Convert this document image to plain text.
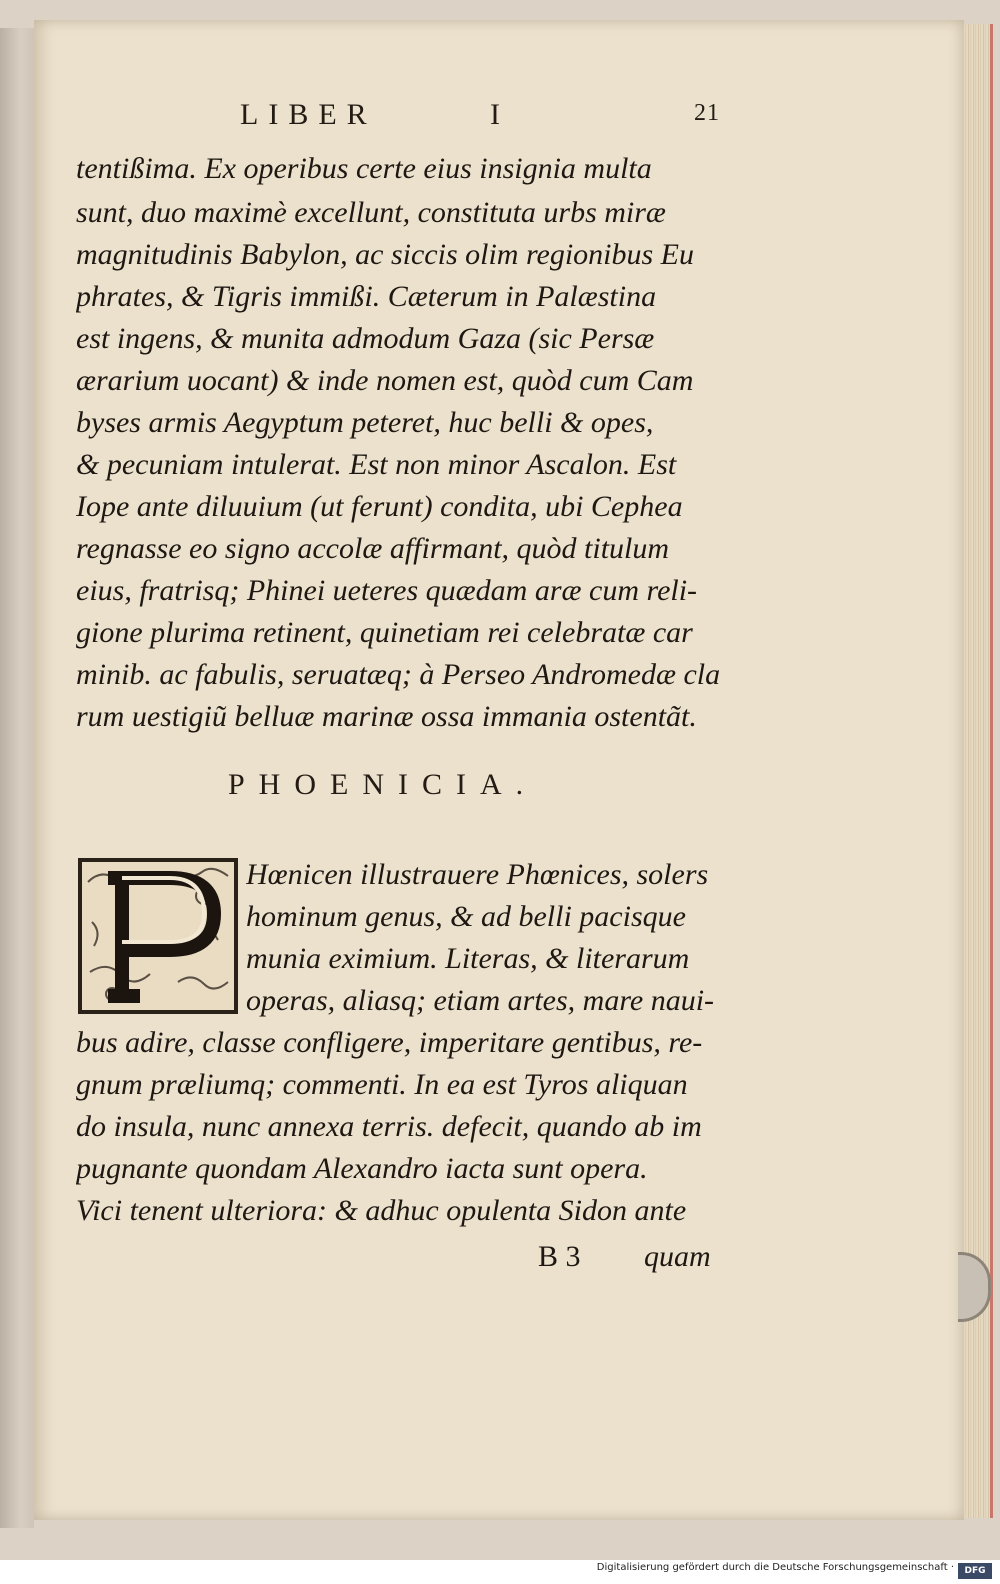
LIBER	I	21
tentißima. Ex operibus certe eius insignia multa
sunt, duo maximè excellunt, constituta urbs miræ
magnitudinis Babylon, ac siccis olim regionibus Eu
phrates, & Tigris immißi. Cæterum in Palæstina
est ingens, & munita admodum Gaza (sic Persæ
ærarium uocant) & inde nomen est, quòd cum Cam
byses armis Aegyptum peteret, huc belli & opes,
& pecuniam intulerat. Est non minor Ascalon. Est
Iope ante diluuium (ut ferunt) condita, ubi Cephea
regnasse eo signo accolæ affirmant, quòd titulum
eius, fratrisq; Phinei ueteres quædam aræ cum reli-
gione plurima retinent, quinetiam rei celebratæ car
minib. ac fabulis, seruatæq; à Perseo Andromedæ cla
rum uestigiũ belluæ marinæ ossa immania ostentãt.
PHOENICIA.
Hœnicen illustrauere Phœnices, solers
hominum genus, & ad belli pacisque
munia eximium. Literas, & literarum
operas, aliasq; etiam artes, mare naui-
bus adire, classe confligere, imperitare gentibus, re-
gnum præliumq; commenti. In ea est Tyros aliquan
do insula, nunc annexa terris. defecit, quando ab im
pugnante quondam Alexandro iacta sunt opera.
Vici tenent ulteriora: & adhuc opulenta Sidon ante
B 3 quam
Digitalisierung gefördert durch die Deutsche Forschungsgemeinschaft ·	DFG
